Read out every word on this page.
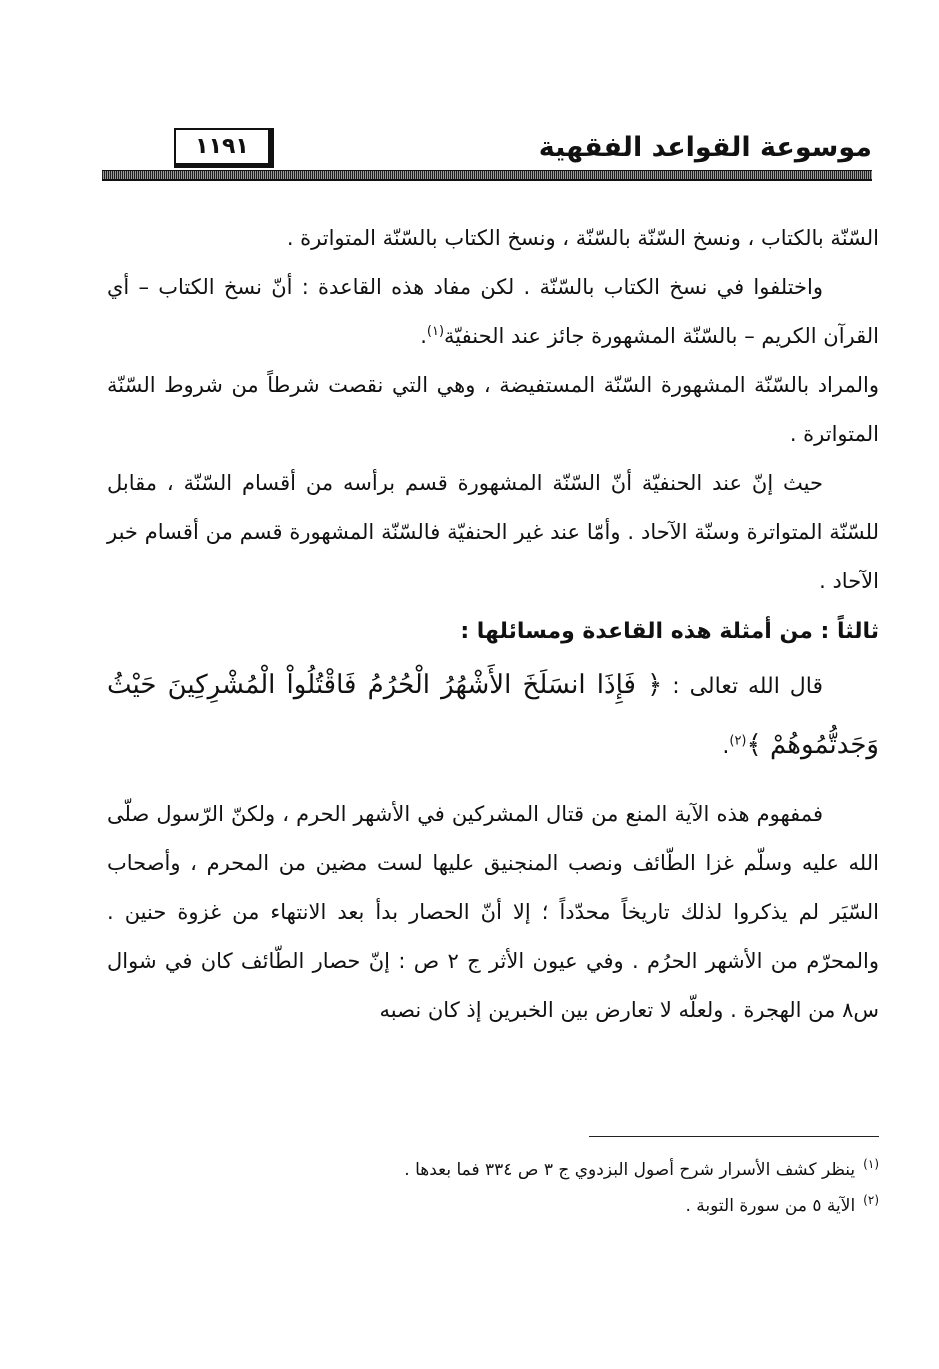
موسوعة القواعد الفقهية
١١٩١

السّنّة بالكتاب ، ونسخ السّنّة بالسّنّة ، ونسخ الكتاب بالسّنّة المتواترة .

واختلفوا في نسخ الكتاب بالسّنّة . لكن مفاد هذه القاعدة : أنّ نسخ الكتاب – أي القرآن الكريم – بالسّنّة المشهورة جائز عند الحنفيّة$^{(١)}$.

والمراد بالسّنّة المشهورة السّنّة المستفيضة ، وهي التي نقصت شرطاً من شروط السّنّة المتواترة .

حيث إنّ عند الحنفيّة أنّ السّنّة المشهورة قسم برأسه من أقسام السّنّة ، مقابل للسّنّة المتواترة وسنّة الآحاد . وأمّا عند غير الحنفيّة فالسّنّة المشهورة قسم من أقسام خبر الآحاد .

ثالثاً : من أمثلة هذه القاعدة ومسائلها :

قال الله تعالى : ﴿ فَإِذَا انسَلَخَ الأَشْهُرُ الْحُرُمُ فَاقْتُلُواْ الْمُشْرِكِينَ حَيْثُ وَجَدتُّمُوهُمْ ﴾$^{(٢)}$.

فمفهوم هذه الآية المنع من قتال المشركين في الأشهر الحرم ، ولكنّ الرّسول صلّى الله عليه وسلّم غزا الطّائف ونصب المنجنيق عليها لست مضين من المحرم ، وأصحاب السّيَر لم يذكروا لذلك تاريخاً محدّداً ؛ إلا أنّ الحصار بدأ بعد الانتهاء من غزوة حنين . والمحرّم من الأشهر الحرُم . وفي عيون الأثر ج ٢ ص : إنّ حصار الطّائف كان في شوال س٨ من الهجرة . ولعلّه لا تعارض بين الخبرين إذ كان نصبه

$^{(١)}$ينظر كشف الأسرار شرح أصول البزدوي ج ٣ ص ٣٣٤ فما بعدها .

$^{(٢)}$الآية ٥ من سورة التوبة .
